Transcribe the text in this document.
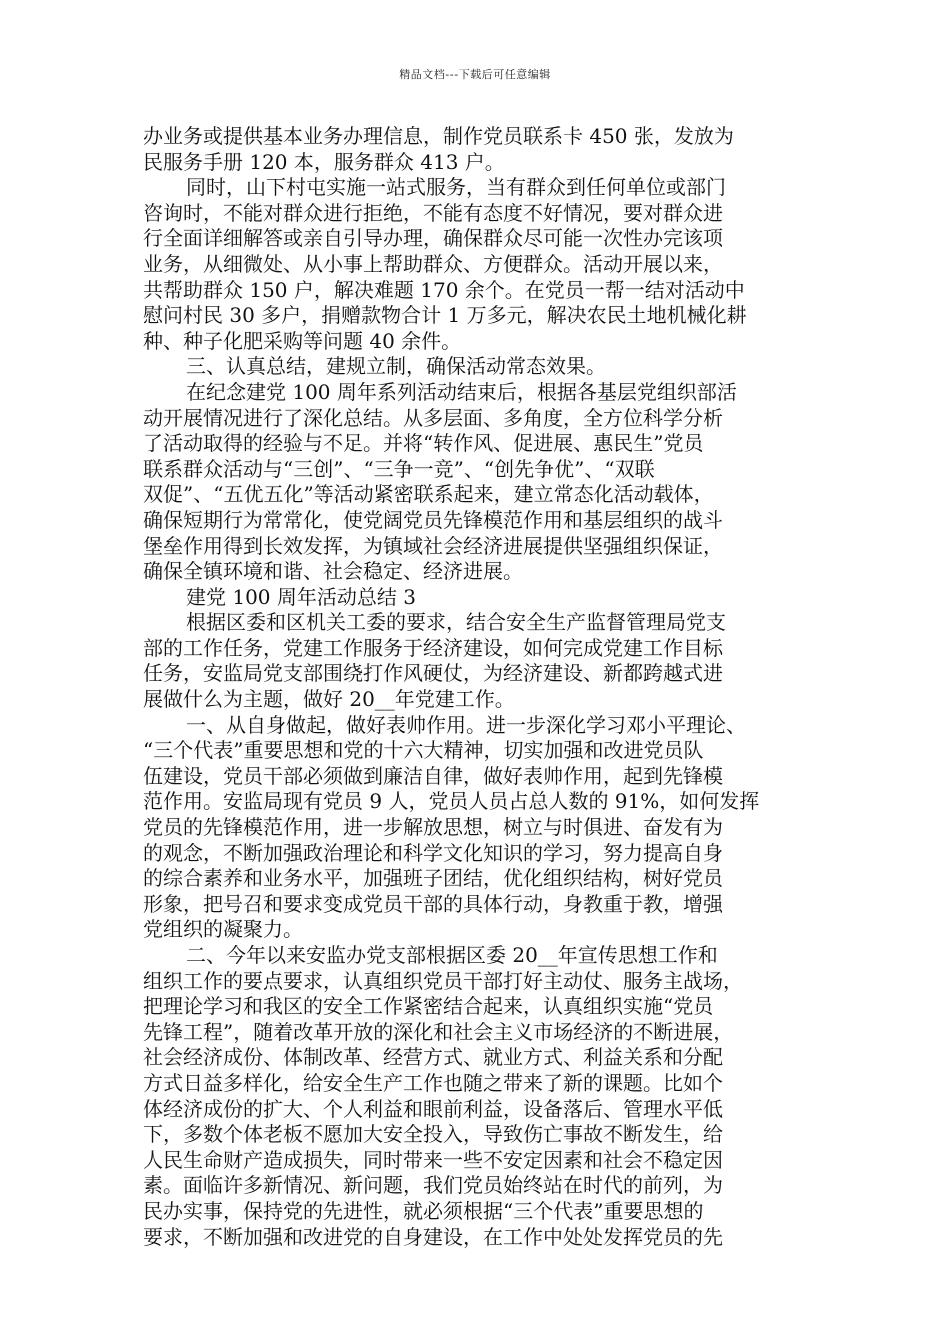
精品文档---下载后可任意编辑
办业务或提供基本业务办理信息，制作党员联系卡 450 张，发放为
民服务手册 120 本，服务群众 413 户。
同时，山下村屯实施一站式服务，当有群众到任何单位或部门
咨询时，不能对群众进行拒绝，不能有态度不好情况，要对群众进
行全面详细解答或亲自引导办理，确保群众尽可能一次性办完该项
业务，从细微处、从小事上帮助群众、方便群众。活动开展以来，
共帮助群众 150 户，解决难题 170 余个。在党员一帮一结对活动中
慰问村民 30 多户，捐赠款物合计 1 万多元，解决农民土地机械化耕
种、种子化肥采购等问题 40 余件。
三、认真总结，建规立制，确保活动常态效果。
在纪念建党 100 周年系列活动结束后，根据各基层党组织部活
动开展情况进行了深化总结。从多层面、多角度，全方位科学分析
了活动取得的经验与不足。并将“转作风、促进展、惠民生”党员
联系群众活动与“三创”、“三争一竞”、“创先争优”、“双联
双促”、“五优五化”等活动紧密联系起来，建立常态化活动载体，
确保短期行为常常化，使党阔党员先锋模范作用和基层组织的战斗
堡垒作用得到长效发挥，为镇域社会经济进展提供坚强组织保证，
确保全镇环境和谐、社会稳定、经济进展。
建党 100 周年活动总结 3
根据区委和区机关工委的要求，结合安全生产监督管理局党支
部的工作任务，党建工作服务于经济建设，如何完成党建工作目标
任务，安监局党支部围绕打作风硬仗，为经济建设、新都跨越式进
展做什么为主题，做好 20__年党建工作。
一、从自身做起，做好表帅作用。进一步深化学习邓小平理论、
“三个代表”重要思想和党的十六大精神，切实加强和改进党员队
伍建设，党员干部必须做到廉洁自律，做好表帅作用，起到先锋模
范作用。安监局现有党员 9 人，党员人员占总人数的 91%，如何发挥
党员的先锋模范作用，进一步解放思想，树立与时俱进、奋发有为
的观念，不断加强政治理论和科学文化知识的学习，努力提高自身
的综合素养和业务水平，加强班子团结，优化组织结构，树好党员
形象，把号召和要求变成党员干部的具体行动，身教重于教，增强
党组织的凝聚力。
二、今年以来安监办党支部根据区委 20__年宣传思想工作和
组织工作的要点要求，认真组织党员干部打好主动仗、服务主战场，
把理论学习和我区的安全工作紧密结合起来，认真组织实施“党员
先锋工程”，随着改革开放的深化和社会主义市场经济的不断进展，
社会经济成份、体制改革、经营方式、就业方式、利益关系和分配
方式日益多样化，给安全生产工作也随之带来了新的课题。比如个
体经济成份的扩大、个人利益和眼前利益，设备落后、管理水平低
下，多数个体老板不愿加大安全投入，导致伤亡事故不断发生，给
人民生命财产造成损失，同时带来一些不安定因素和社会不稳定因
素。面临许多新情况、新问题，我们党员始终站在时代的前列，为
民办实事，保持党的先进性，就必须根据“三个代表”重要思想的
要求，不断加强和改进党的自身建设，在工作中处处发挥党员的先
